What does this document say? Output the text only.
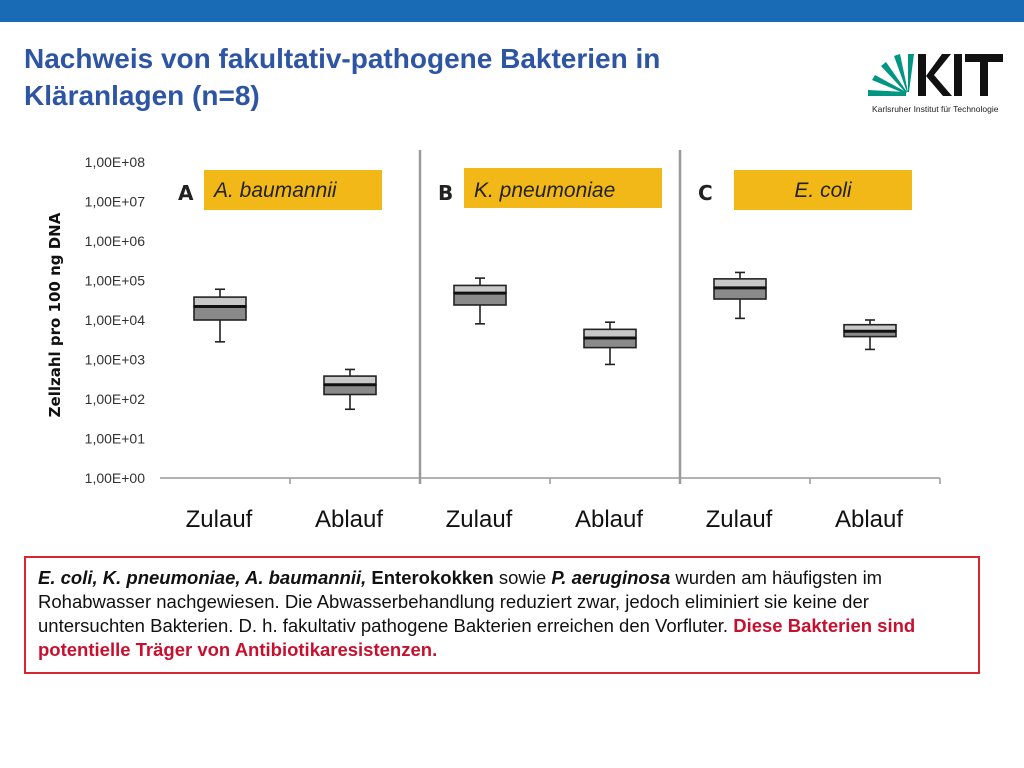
Nachweis von fakultativ-pathogene Bakterien in
Kläranlagen (n=8)
KIT
Karlsruher Institut für Technologie
1,00E+00
1,00E+01
1,00E+02
1,00E+03
1,00E+04
1,00E+05
1,00E+06
1,00E+07
1,00E+08
A A. baumannii	B K. pneumoniae	C	E. coli
Zellzahl pro 100 ng DNA
Zulauf	Ablauf	Zulauf	Ablauf	Zulauf	Ablauf
E. coli, K. pneumoniae, A. baumannii, Enterokokken sowie P. aeruginosa wurden am häufigsten im Rohabwasser nachgewiesen. Die Abwasserbehandlung reduziert zwar, jedoch eliminiert sie keine der untersuchten Bakterien. D. h. fakultativ pathogene Bakterien erreichen den Vorfluter. Diese Bakterien sind potentielle Träger von Antibiotikaresistenzen.
